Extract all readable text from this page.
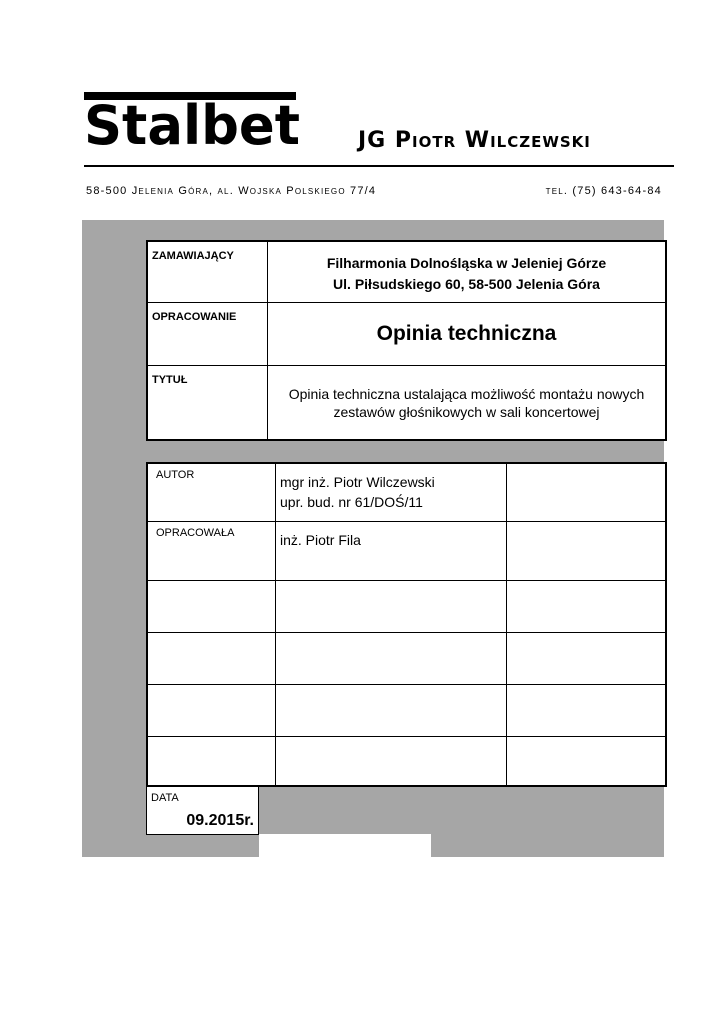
Stalbet	JG Piotr Wilczewski
58-500 Jelenia Góra, al. Wojska Polskiego 77/4	tel. (75) 643-64-84
ZAMAWIAJĄCY	Filharmonia Dolnośląska w Jeleniej Górze
Ul. Piłsudskiego 60, 58-500 Jelenia Góra

OPRACOWANIE	Opinia techniczna
TYTUŁ	Opinia techniczna ustalająca możliwość montażu nowych zestawów głośnikowych w sali koncertowej
AUTOR	mgr inż. Piotr Wilczewski
upr. bud. nr 61/DOŚ/11	

OPRACOWAŁA	inż. Piotr Fila	

DATA
09.2015r.
